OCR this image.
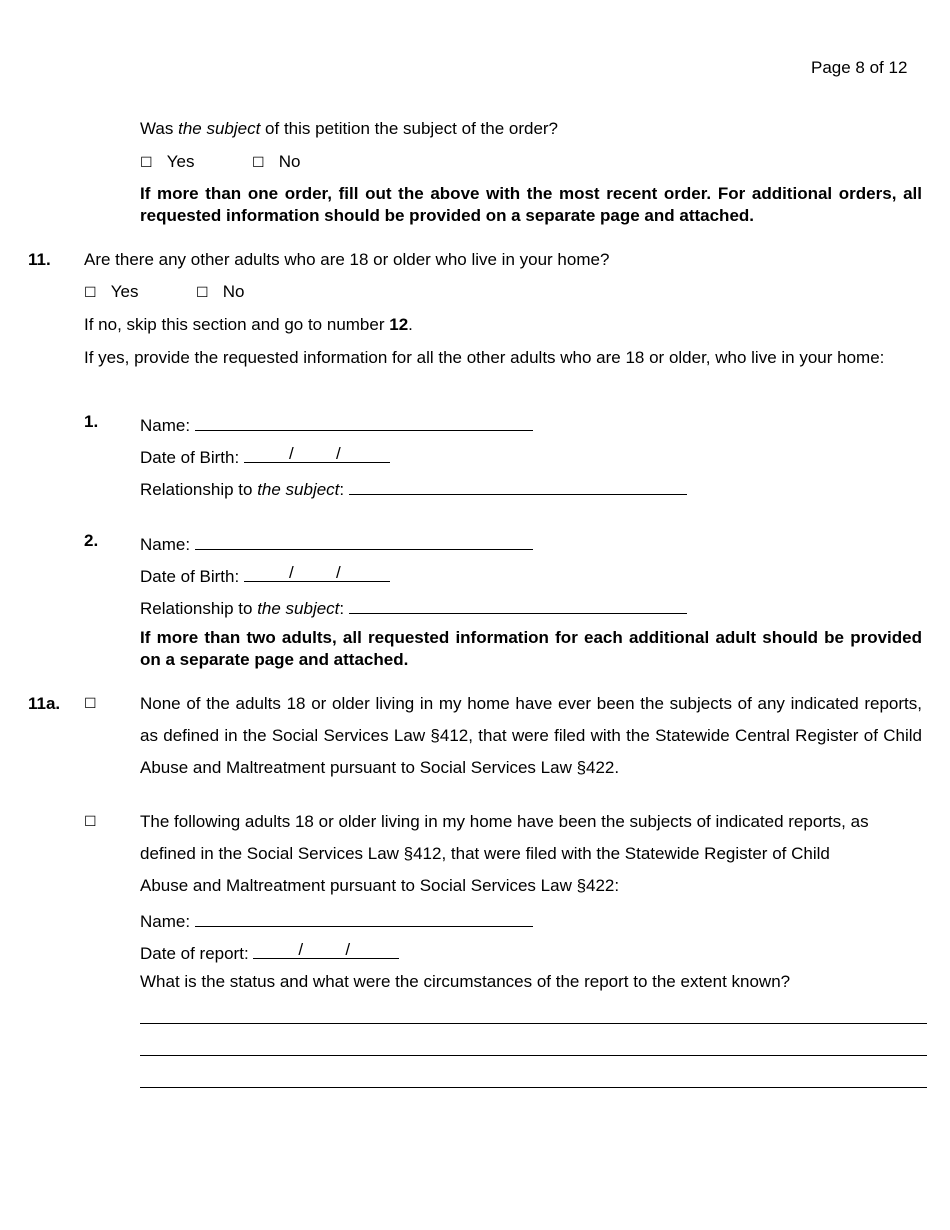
Page 8 of 12
Was the subject of this petition the subject of the order?
☐ Yes	☐ No
If more than one order, fill out the above with the most recent order. For additional orders, all requested information should be provided on a separate page and attached.
11. Are there any other adults who are 18 or older who live in your home?
☐ Yes	☐ No
If no, skip this section and go to number 12.
If yes, provide the requested information for all the other adults who are 18 or older, who live in your home:
1. Name:
Date of Birth:	/ /
Relationship to the subject:
2. Name:
Date of Birth:	/ /
Relationship to the subject:
If more than two adults, all requested information for each additional adult should be provided on a separate page and attached.
11a. ☐	None of the adults 18 or older living in my home have ever been the subjects of any indicated reports, as defined in the Social Services Law §412, that were filed with the Statewide Central Register of Child Abuse and Maltreatment pursuant to Social Services Law §422.
☐	The following adults 18 or older living in my home have been the subjects of indicated reports, as
defined in the Social Services Law §412, that were filed with the Statewide Register of Child
Abuse and Maltreatment pursuant to Social Services Law §422:
Name:
Date of report:	/ /
What is the status and what were the circumstances of the report to the extent known?
